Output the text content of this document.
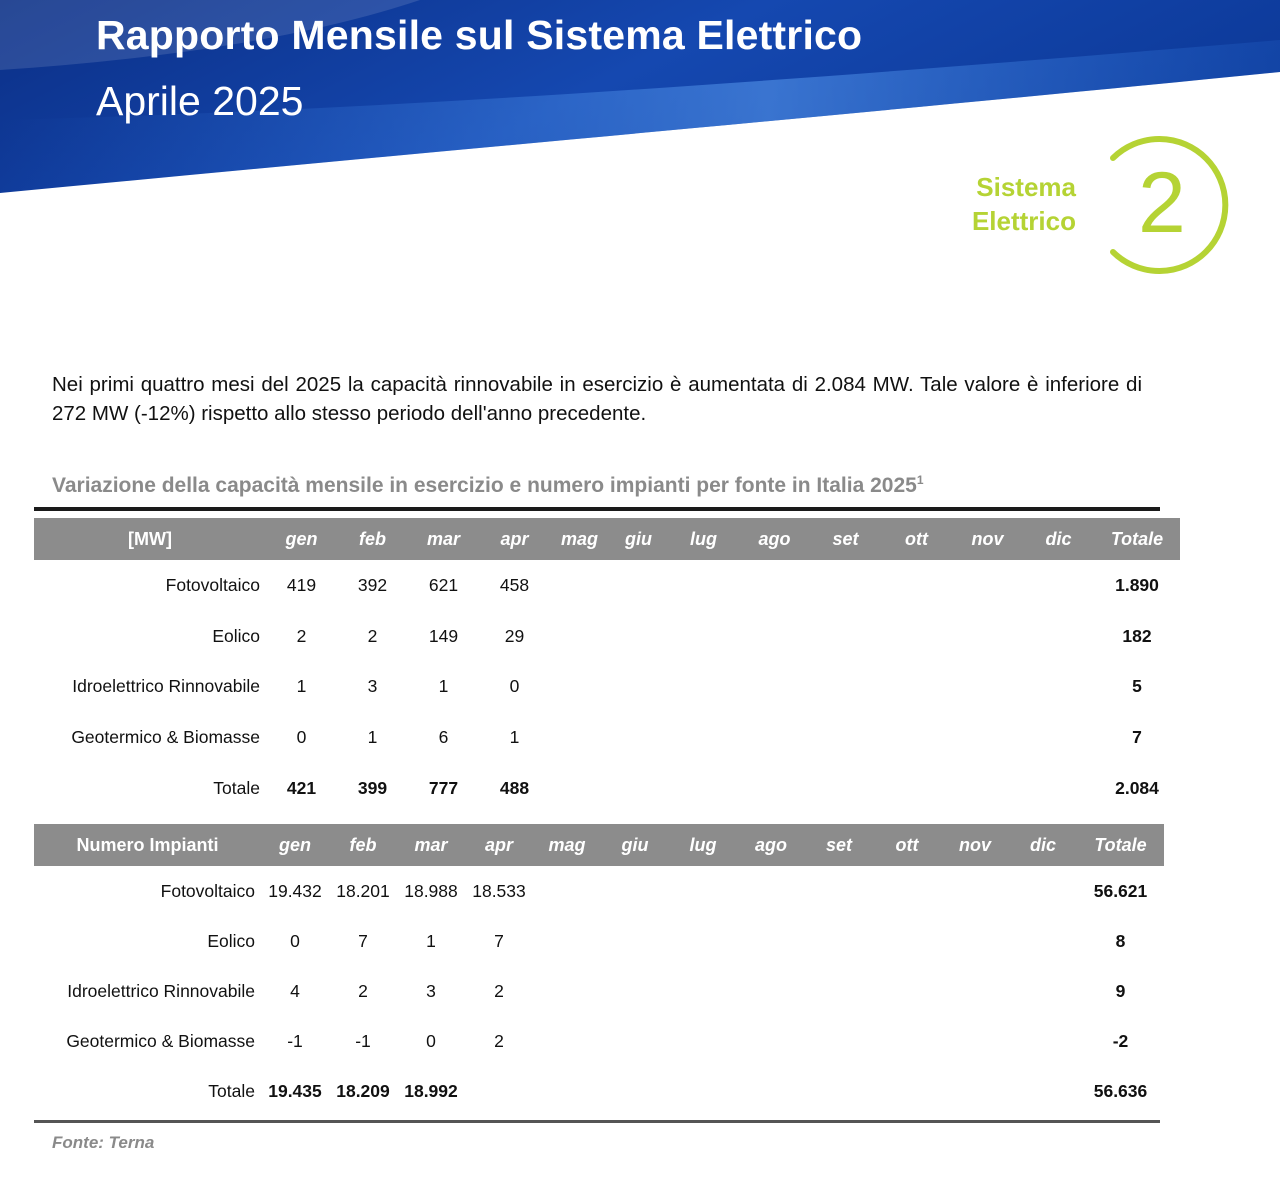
Rapporto Mensile sul Sistema Elettrico
Aprile 2025
Sistema
Elettrico 2
Nei primi quattro mesi del 2025 la capacità rinnovabile in esercizio è aumentata di 2.084 MW. Tale valore è inferiore di 272 MW (-12%) rispetto allo stesso periodo dell'anno precedente.
Variazione della capacità mensile in esercizio e numero impianti per fonte in Italia 2025$^1$
[MW]	gen	feb	mar	apr	mag	giu	lug	ago	set	ott	nov	dic	Totale
Fotovoltaico	419	392	621	458									1.890
Eolico	2	2	149	29									182
Idroelettrico Rinnovabile	1	3	1	0									5
Geotermico & Biomasse	0	1	6	1									7
Totale	421	399	777	488									2.084
Numero Impianti	gen	feb	mar	apr	mag	giu	lug	ago	set	ott	nov	dic	Totale
Fotovoltaico	19.432	18.201	18.988	18.533									56.621
Eolico	0	7	1	7									8
Idroelettrico Rinnovabile	4	2	3	2									9
Geotermico & Biomasse	-1	-1	0	2									-2
Totale	19.435	18.209	18.992										56.636
Fonte: Terna
